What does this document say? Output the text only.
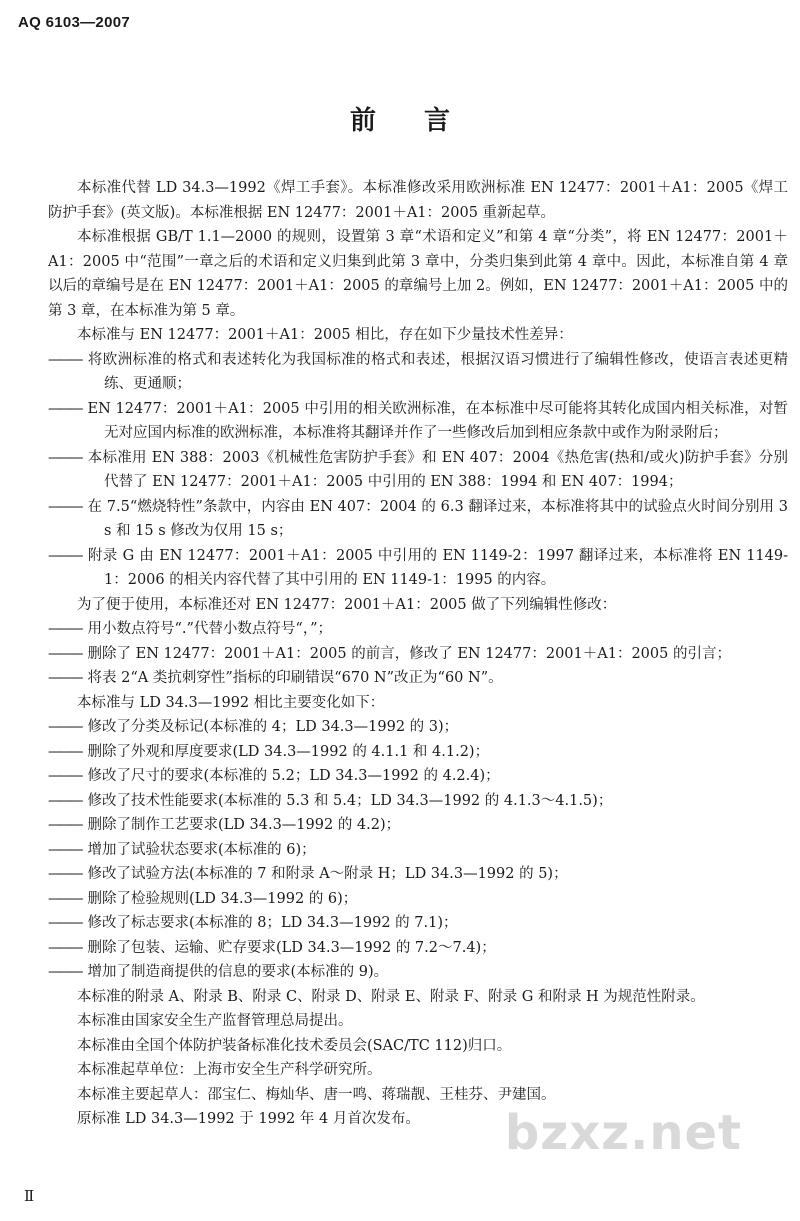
AQ 6103—2007
前言

本标准代替 LD 34.3—1992《焊工手套》。本标准修改采用欧洲标准 EN 12477：2001＋A1：2005《焊工防护手套》(英文版)。本标准根据 EN 12477：2001＋A1：2005 重新起草。

本标准根据 GB/T 1.1—2000 的规则，设置第 3 章“术语和定义”和第 4 章“分类”，将 EN 12477：2001＋A1：2005 中“范围”一章之后的术语和定义归集到此第 3 章中，分类归集到此第 4 章中。因此，本标准自第 4 章以后的章编号是在 EN 12477：2001＋A1：2005 的章编号上加 2。例如，EN 12477：2001＋A1：2005 中的第 3 章，在本标准为第 5 章。

本标准与 EN 12477：2001＋A1：2005 相比，存在如下少量技术性差异：

——— 将欧洲标准的格式和表述转化为我国标准的格式和表述，根据汉语习惯进行了编辑性修改，使语言表述更精练、更通顺；

——— EN 12477：2001＋A1：2005 中引用的相关欧洲标准，在本标准中尽可能将其转化成国内相关标准，对暂无对应国内标准的欧洲标准，本标准将其翻译并作了一些修改后加到相应条款中或作为附录附后；

——— 本标准用 EN 388：2003《机械性危害防护手套》和 EN 407：2004《热危害(热和/或火)防护手套》分别代替了 EN 12477：2001＋A1：2005 中引用的 EN 388：1994 和 EN 407：1994；

——— 在 7.5“燃烧特性”条款中，内容由 EN 407：2004 的 6.3 翻译过来，本标准将其中的试验点火时间分别用 3 s 和 15 s 修改为仅用 15 s；

——— 附录 G 由 EN 12477：2001＋A1：2005 中引用的 EN 1149-2：1997 翻译过来，本标准将 EN 1149-1：2006 的相关内容代替了其中引用的 EN 1149-1：1995 的内容。

为了便于使用，本标准还对 EN 12477：2001＋A1：2005 做了下列编辑性修改：

——— 用小数点符号“.”代替小数点符号“，”；

——— 删除了 EN 12477：2001＋A1：2005 的前言，修改了 EN 12477：2001＋A1：2005 的引言；

——— 将表 2“A 类抗刺穿性”指标的印刷错误“670 N”改正为“60 N”。

本标准与 LD 34.3—1992 相比主要变化如下：

——— 修改了分类及标记(本标准的 4；LD 34.3—1992 的 3)；

——— 删除了外观和厚度要求(LD 34.3—1992 的 4.1.1 和 4.1.2)；

——— 修改了尺寸的要求(本标准的 5.2；LD 34.3—1992 的 4.2.4)；

——— 修改了技术性能要求(本标准的 5.3 和 5.4；LD 34.3—1992 的 4.1.3～4.1.5)；

——— 删除了制作工艺要求(LD 34.3—1992 的 4.2)；

——— 增加了试验状态要求(本标准的 6)；

——— 修改了试验方法(本标准的 7 和附录 A～附录 H；LD 34.3—1992 的 5)；

——— 删除了检验规则(LD 34.3—1992 的 6)；

——— 修改了标志要求(本标准的 8；LD 34.3—1992 的 7.1)；

——— 删除了包装、运输、贮存要求(LD 34.3—1992 的 7.2～7.4)；

——— 增加了制造商提供的信息的要求(本标准的 9)。

本标准的附录 A、附录 B、附录 C、附录 D、附录 E、附录 F、附录 G 和附录 H 为规范性附录。

本标准由国家安全生产监督管理总局提出。

本标准由全国个体防护装备标准化技术委员会(SAC/TC 112)归口。

本标准起草单位：上海市安全生产科学研究所。

本标准主要起草人：邵宝仁、梅灿华、唐一鸣、蒋瑞靓、王桂芬、尹建国。

原标准 LD 34.3—1992 于 1992 年 4 月首次发布。	bzxz.net
Ⅱ
